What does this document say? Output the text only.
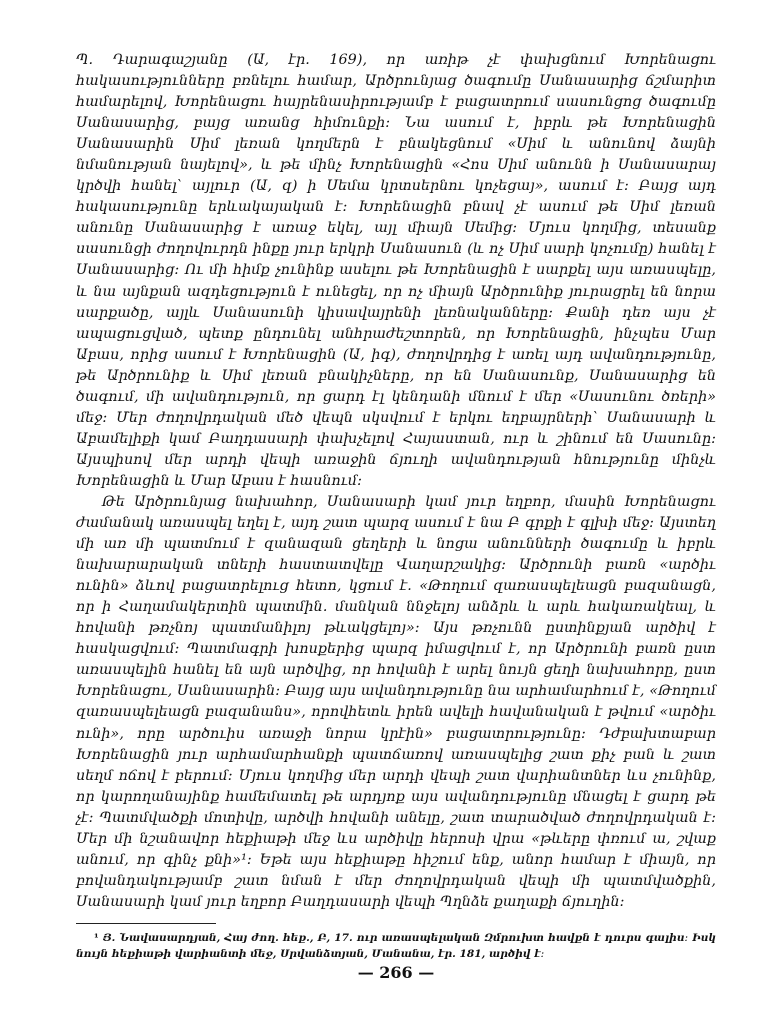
Պ. Դարագաշյանը (Ա, էր. 169), որ առիթ չէ փախցնում Խորենացու հակասությունները բռնելու համար, Արծրունյաց ծագումը Սանասարից ճշմարիտ համարելով, Խորենացու հայրենասիրությամբ է բացատրում սասունցոց ծագումը Սանասարից, բայց առանց հիմունքի։ Նա ասում է, իբրև թե Խորենացին Սանասարին Սիմ լեռան կողմերն է բնակեցնում «Սիմ և անունով ձայնի նմանության նայելով», և թե մինչ Խորենացին «Հոս Սիմ անունն ի Սանասարայ կրծվի հանել՝ այլուր (Ա, զ) ի Սեմա կրտսերնու կոչեցայ», ասում է։ Բայց այդ հակասությունը երևակայական է։ Խորենացին բնավ չէ ասում թե Սիմ լեռան անունը Սանասարից է առաջ եկել, այլ միայն Սեմից։ Մյուս կողմից, տեսանք սասունցի ժողովուրդն ինքը յուր երկրի Սանասուն (և ոչ Սիմ սարի կոչումը) հանել է Սանասարից։ Ու մի հիմք չունինք ասելու թե Խորենացին է սարքել այս առասպելը, և նա այնքան ազդեցություն է ունեցել, որ ոչ միայն Արծրունիք յուրացրել են նորա սարքածը, այլև Սանասունի կիսավայրենի լեռնականները։ Քանի դեռ այս չէ ապացուցված, պետք ընդունել անհրաժեշտորեն, որ Խորենացին, ինչպես Մար Աբաս, որից ասում է Խորենացին (Ա, իգ), ժողովրդից է առել այդ ավանդությունը, թե Արծրունիք և Սիմ լեռան բնակիչները, որ են Սանասունք, Սանասարից են ծագում, մի ավանդություն, որ ցարդ էլ կենդանի մնում է մեր «Սասունու ծռերի» մեջ։ Մեր ժողովրդական մեծ վեպն սկսվում է երկու եղբայրների՝ Սանասարի և Աբամելիքի կամ Բաղդասարի փախչելով Հայաստան, ուր և շինում են Սասունը։ Այսպիսով մեր արդի վեպի առաջին ճյուղի ավանդության հնությունը մինչև Խորենացին և Մար Աբաս է հասնում։

Թե Արծրունյաց նախահոր, Սանասարի կամ յուր եղբոր, մասին Խորենացու ժամանակ առասպել եղել է, այդ շատ պարզ ասում է նա Բ գրքի է գլխի մեջ։ Այստեղ մի առ մի պատմում է զանազան ցեղերի և նոցա անունների ծագումը և իբրև նախարարական տների հաստատվելը Վաղարշակից։ Արծրունի բառն «արծիւ ունին» ձևով բացատրելուց հետո, կցում է. «Թողում զառասպելեացն բազանացն, որ ի Հաղամակերտին պատմին. մանկան ննջելոյ անձրև և արև հակառակեալ, և հովանի թռչնոյ պատմանիլոյ թևակցելոյ»։ Այս թռչունն ըստինքյան արծիվ է հասկացվում։ Պատմագրի խոսքերից պարզ իմացվում է, որ Արծրունի բառն ըստ առասպելին հանել են այն արծվից, որ հովանի է արել նույն ցեղի նախահորը, ըստ Խորենացու, Սանասարին։ Բայց այս ավանդությունը նա արհամարհում է, «Թողում զառասպելեացն բազանանս», որովհետև իրեն ավելի հավանական է թվում «արծիւ ունի», որը արծուիս առաջի նորա կրէին» բացատրությունը։ Դժբախտաբար Խորենացին յուր արհամարհանքի պատճառով առասպելից շատ քիչ բան և շատ սեղմ ոճով է բերում։ Մյուս կողմից մեր արդի վեպի շատ վարիանտներ ևս չունինք, որ կարողանայինք համեմատել թե արդյոք այս ավանդությունը մնացել է ցարդ թե չէ։ Պատմվածքի մոտիվը, արծվի հովանի անելը, շատ տարածված ժողովրդական է։ Մեր մի նշանավոր հեքիաթի մեջ ևս արծիվը հերոսի վրա «թևերը փռում ա, շվաք անում, որ գինչ քնի»¹։ Եթե այս հեքիաթը հիշում ենք, անոր համար է միայն, որ բովանդակությամբ շատ նման է մեր ժողովրդական վեպի մի պատմվածքին, Սանասարի կամ յուր եղբոր Բաղդասարի վեպի Պղնձե քաղաքի ճյուղին։

¹ Յ. Նավասարդյան, Հայ ժող. հեք., Բ, 17. ուր առասպելական Զմրուխտ հավքն է դուրս գալիս։ Իսկ նույն հեքիաթի վարիանտի մեջ, Սրվանձտյան, Մանանա, էր. 181, արծիվ է։

— 266 —
